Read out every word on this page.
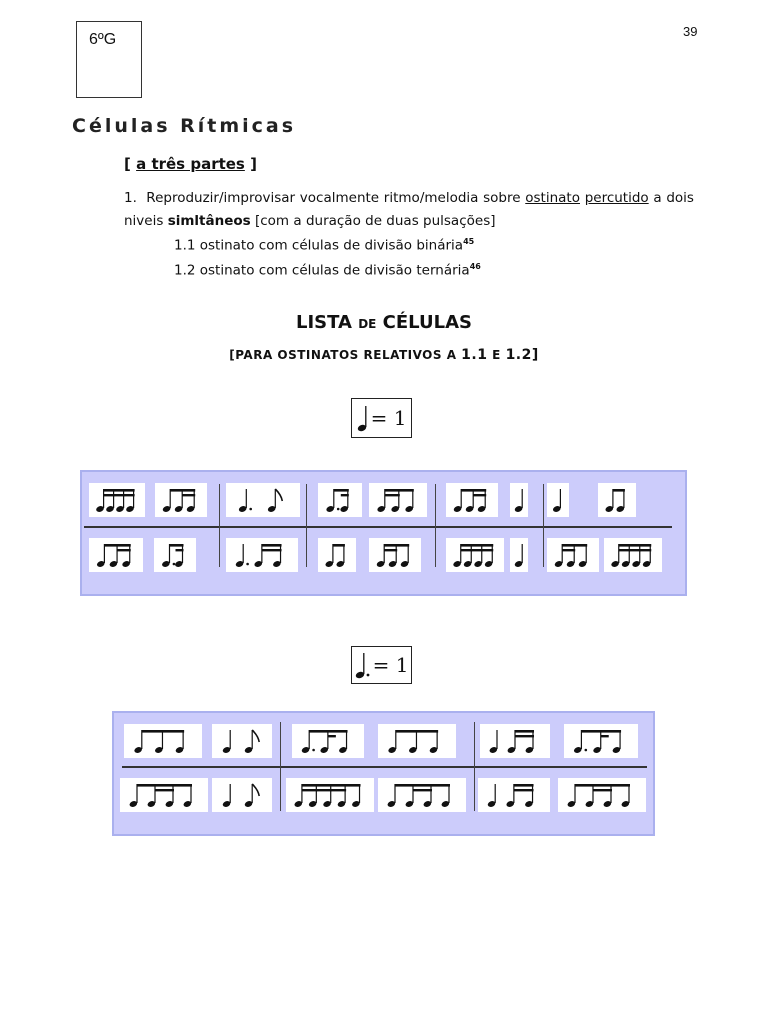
6ºG	39
Células Rítmicas
[ a três partes ]
1. Reproduzir/improvisar vocalmente ritmo/melodia sobre ostinato percutido a dois niveis simltâneos [com a duração de duas pulsações]
1.1 ostinato com células de divisão binária$^{45}$
1.2 ostinato com células de divisão ternária$^{46}$
LISTA DE CÉLULAS
[PARA OSTINATOS RELATIVOS A 1.1 E 1.2]
= 1
= 1
